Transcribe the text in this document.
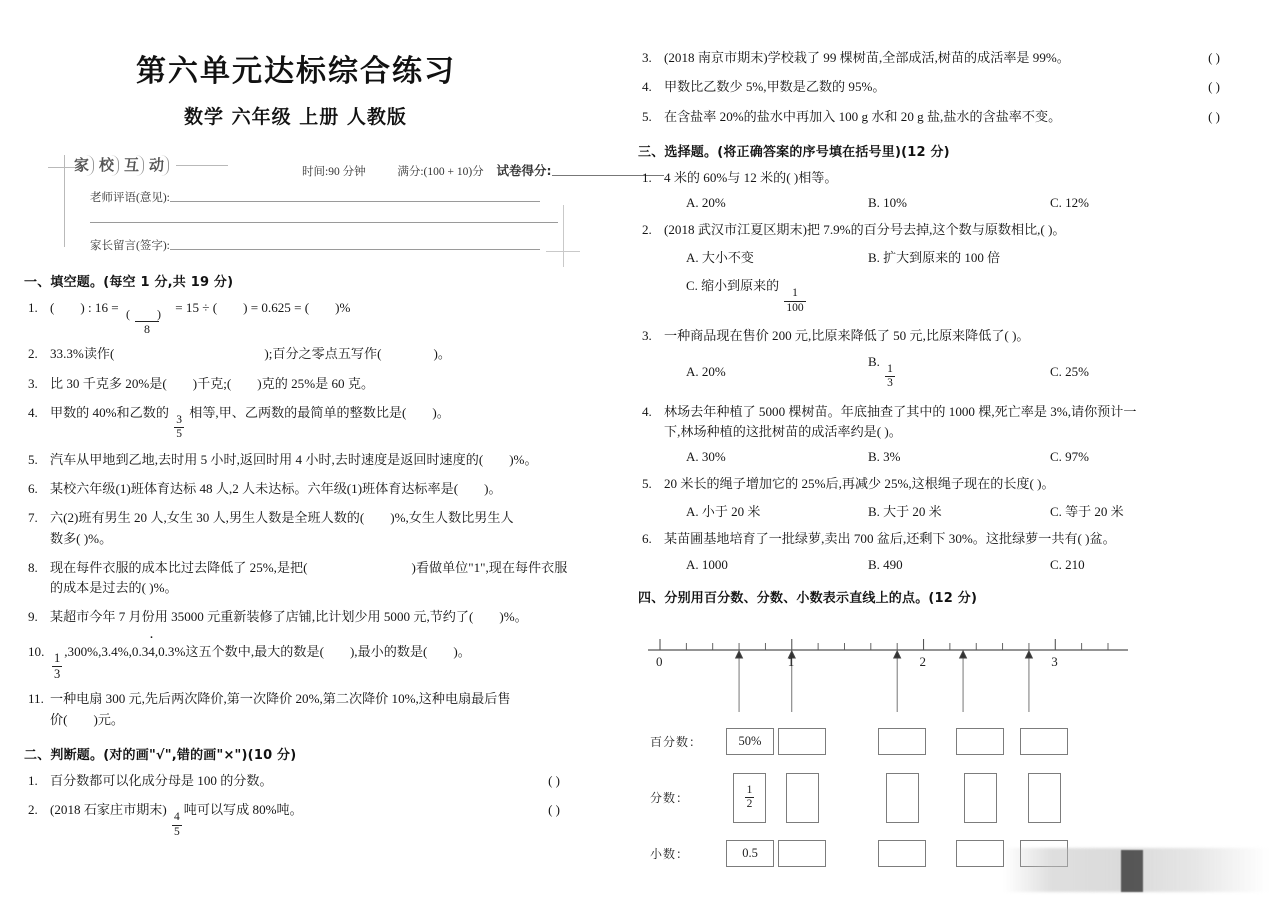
第六单元达标综合练习
数学 六年级 上册 人教版
家 校 互 动	时间:90 分钟	满分:(100 + 10)分 试卷得分:
老师评语(意见):
家长留言(签字):
一、填空题。(每空 1 分,共 19 分)
1. ( ) : 16 =
$\frac{( )}{8}$
= 15 ÷ ( ) = 0.625 = ( )%
2. 33.3%读作(	);百分之零点五写作(	)。
3. 比 30 千克多 20%是( )千克;( )克的 25%是 60 克。
4. 甲数的 40%和乙数的
$\frac{3}{5}$
相等,甲、乙两数的最简单的整数比是( )。
5. 汽车从甲地到乙地,去时用 5 小时,返回时用 4 小时,去时速度是返回时速度的( )%。
6. 某校六年级(1)班体育达标 48 人,2 人未达标。六年级(1)班体育达标率是( )。
7. 六(2)班有男生 20 人,女生 30 人,男生人数是全班人数的( )%,女生人数比男生人
数多( )%。
8. 现在每件衣服的成本比过去降低了 25%,是把(	)看做单位"1",现在每件衣服
的成本是过去的( )%。
9. 某超市今年 7 月份用 35000 元重新装修了店铺,比计划少用 5000 元,节约了( )%。
10.
$\frac{1}{3}$
,300%,3.4%,0.34 ·,0.3%这五个数中,最大的数是( ),最小的数是( )。
11. 一种电扇 300 元,先后两次降价,第一次降价 20%,第二次降价 10%,这种电扇最后售
价( )元。
二、判断题。(对的画"√",错的画"×")(10 分)
1. 百分数都可以化成分母是 100 的分数。	( )
2. (2018 石家庄市期末)
$\frac{4}{5}$
吨可以写成 80%吨。	( )
3. (2018 南京市期末)学校栽了 99 棵树苗,全部成活,树苗的成活率是 99%。	( )
4. 甲数比乙数少 5%,甲数是乙数的 95%。	( )
5. 在含盐率 20%的盐水中再加入 100 g 水和 20 g 盐,盐水的含盐率不变。	( )
三、选择题。(将正确答案的序号填在括号里)(12 分)
1. 4 米的 60%与 12 米的( )相等。
A. 20%	B. 10%	C. 12%
2. (2018 武汉市江夏区期末)把 7.9%的百分号去掉,这个数与原数相比,( )。
A. 大小不变	B. 扩大到原来的 100 倍
C. 缩小到原来的
$\frac{1}{100}$
3. 一种商品现在售价 200 元,比原来降低了 50 元,比原来降低了( )。
A. 20%
B.
$\frac{1}{3}$	C. 25%
4. 林场去年种植了 5000 棵树苗。年底抽查了其中的 1000 棵,死亡率是 3%,请你预计一
下,林场种植的这批树苗的成活率约是( )。
A. 30%	B. 3%	C. 97%
5. 20 米长的绳子增加它的 25%后,再减少 25%,这根绳子现在的长度( )。
A. 小于 20 米	B. 大于 20 米	C. 等于 20 米
6. 某苗圃基地培育了一批绿萝,卖出 700 盆后,还剩下 30%。这批绿萝一共有( )盆。
A. 1000	B. 490	C. 210
四、分别用百分数、分数、小数表示直线上的点。(12 分)
0	1	2	3
百分数：	50%
分数：	$\frac{1}{2}$
小数：	0.5
